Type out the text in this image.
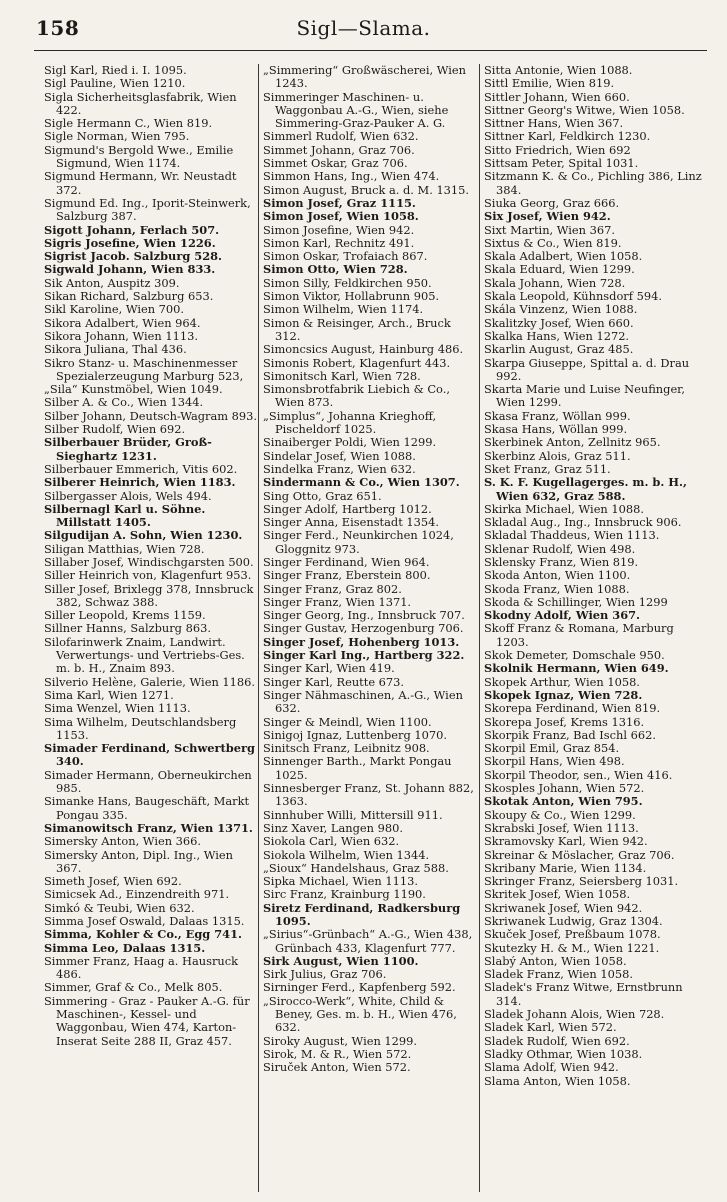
158	Sigl—Slama.

Sigl Karl, Ried i. I. 1095.

Sigl Pauline, Wien 1210.

Sigla Sicherheitsglasfabrik, Wien 422.

Sigle Hermann C., Wien 819.

Sigle Norman, Wien 795.

Sigmund's Bergold Wwe., Emilie Sigmund, Wien 1174.

Sigmund Hermann, Wr. Neustadt 372.

Sigmund Ed. Ing., Iporit-Steinwerk, Salzburg 387.

Sigott Johann, Ferlach 507.

Sigris Josefine, Wien 1226.

Sigrist Jacob. Salzburg 528.

Sigwald Johann, Wien 833.

Sik Anton, Auspitz 309.

Sikan Richard, Salzburg 653.

Sikl Karoline, Wien 700.

Sikora Adalbert, Wien 964.

Sikora Johann, Wien 1113.

Sikora Juliana, Thal 436.

Sikro Stanz- u. Maschinenmesser Spezialerzeugung Marburg 523,

„Sila“ Kunstmöbel, Wien 1049.

Silber A. & Co., Wien 1344.

Silber Johann, Deutsch-Wagram 893.

Silber Rudolf, Wien 692.

Silberbauer Brüder, Groß-Sieghartz 1231.

Silberbauer Emmerich, Vitis 602.

Silberer Heinrich, Wien 1183.

Silbergasser Alois, Wels 494.

Silbernagl Karl u. Söhne. Millstatt 1405.

Silgudijan A. Sohn, Wien 1230.

Siligan Matthias, Wien 728.

Sillaber Josef, Windischgarsten 500.

Siller Heinrich von, Klagenfurt 953.

Siller Josef, Brixlegg 378, Innsbruck 382, Schwaz 388.

Siller Leopold, Krems 1159.

Sillner Hanns, Salzburg 863.

Silofarinwerk Znaim, Landwirt. Verwertungs- und Vertriebs-Ges. m. b. H., Znaim 893.

Silverio Helène, Galerie, Wien 1186.

Sima Karl, Wien 1271.

Sima Wenzel, Wien 1113.

Sima Wilhelm, Deutschlandsberg 1153.

Simader Ferdinand, Schwertberg 340.

Simader Hermann, Oberneukirchen 985.

Simanke Hans, Baugeschäft, Markt Pongau 335.

Simanowitsch Franz, Wien 1371.

Simersky Anton, Wien 366.

Simersky Anton, Dipl. Ing., Wien 367.

Simeth Josef, Wien 692.

Simicsek Ad., Einzendreith 971.

Simkó & Teubi, Wien 632.

Simma Josef Oswald, Dalaas 1315.

Simma, Kohler & Co., Egg 741.

Simma Leo, Dalaas 1315.

Simmer Franz, Haag a. Hausruck 486.

Simmer, Graf & Co., Melk 805.

Simmering - Graz - Pauker A.-G. für Maschinen-, Kessel- und Waggonbau, Wien 474, Karton-Inserat Seite 288 II, Graz 457.

„Simmering“ Großwäscherei, Wien 1243.

Simmeringer Maschinen- u. Waggonbau A.-G., Wien, siehe Simmering-Graz-Pauker A. G.

Simmerl Rudolf, Wien 632.

Simmet Johann, Graz 706.

Simmet Oskar, Graz 706.

Simmon Hans, Ing., Wien 474.

Simon August, Bruck a. d. M. 1315.

Simon Josef, Graz 1115.

Simon Josef, Wien 1058.

Simon Josefine, Wien 942.

Simon Karl, Rechnitz 491.

Simon Oskar, Trofaiach 867.

Simon Otto, Wien 728.

Simon Silly, Feldkirchen 950.

Simon Viktor, Hollabrunn 905.

Simon Wilhelm, Wien 1174.

Simon & Reisinger, Arch., Bruck 312.

Simoncsics August, Hainburg 486.

Simonis Robert, Klagenfurt 443.

Simonitsch Karl, Wien 728.

Simonsbrotfabrik Liebich & Co., Wien 873.

„Simplus“, Johanna Krieghoff, Pischeldorf 1025.

Sinaiberger Poldi, Wien 1299.

Sindelar Josef, Wien 1088.

Sindelka Franz, Wien 632.

Sindermann & Co., Wien 1307.

Sing Otto, Graz 651.

Singer Adolf, Hartberg 1012.

Singer Anna, Eisenstadt 1354.

Singer Ferd., Neunkirchen 1024, Gloggnitz 973.

Singer Ferdinand, Wien 964.

Singer Franz, Eberstein 800.

Singer Franz, Graz 802.

Singer Franz, Wien 1371.

Singer Georg, Ing., Innsbruck 707.

Singer Gustav, Herzogenburg 706.

Singer Josef, Hohenberg 1013.

Singer Karl Ing., Hartberg 322.

Singer Karl, Wien 419.

Singer Karl, Reutte 673.

Singer Nähmaschinen, A.-G., Wien 632.

Singer & Meindl, Wien 1100.

Sinigoj Ignaz, Luttenberg 1070.

Sinitsch Franz, Leibnitz 908.

Sinnenger Barth., Markt Pongau 1025.

Sinnesberger Franz, St. Johann 882, 1363.

Sinnhuber Willi, Mittersill 911.

Sinz Xaver, Langen 980.

Siokola Carl, Wien 632.

Siokola Wilhelm, Wien 1344.

„Sioux“ Handelshaus, Graz 588.

Sipka Michael, Wien 1113.

Sirc Franz, Krainburg 1190.

Siretz Ferdinand, Radkersburg 1095.

„Sirius“-Grünbach“ A.-G., Wien 438, Grünbach 433, Klagenfurt 777.

Sirk August, Wien 1100.

Sirk Julius, Graz 706.

Sirninger Ferd., Kapfenberg 592.

„Sirocco-Werk“, White, Child & Beney, Ges. m. b. H., Wien 476, 632.

Siroky August, Wien 1299.

Sirok, M. & R., Wien 572.

Siruček Anton, Wien 572.

Sitta Antonie, Wien 1088.

Sittl Emilie, Wien 819.

Sittler Johann, Wien 660.

Sittner Georg's Witwe, Wien 1058.

Sittner Hans, Wien 367.

Sittner Karl, Feldkirch 1230.

Sitto Friedrich, Wien 692

Sittsam Peter, Spital 1031.

Sitzmann K. & Co., Pichling 386, Linz 384.

Siuka Georg, Graz 666.

Six Josef, Wien 942.

Sixt Martin, Wien 367.

Sixtus & Co., Wien 819.

Skala Adalbert, Wien 1058.

Skala Eduard, Wien 1299.

Skala Johann, Wien 728.

Skala Leopold, Kühnsdorf 594.

Skála Vinzenz, Wien 1088.

Skalitzky Josef, Wien 660.

Skalka Hans, Wien 1272.

Skarlin August, Graz 485.

Skarpa Giuseppe, Spittal a. d. Drau 992.

Skarta Marie und Luise Neufinger, Wien 1299.

Skasa Franz, Wöllan 999.

Skasa Hans, Wöllan 999.

Skerbinek Anton, Zellnitz 965.

Skerbinz Alois, Graz 511.

Sket Franz, Graz 511.

S. K. F. Kugellagerges. m. b. H., Wien 632, Graz 588.

Skirka Michael, Wien 1088.

Skladal Aug., Ing., Innsbruck 906.

Skladal Thaddeus, Wien 1113.

Sklenar Rudolf, Wien 498.

Sklensky Franz, Wien 819.

Skoda Anton, Wien 1100.

Skoda Franz, Wien 1088.

Skoda & Schillinger, Wien 1299

Skodny Adolf, Wien 367.

Skoff Franz & Romana, Marburg 1203.

Skok Demeter, Domschale 950.

Skolnik Hermann, Wien 649.

Skopek Arthur, Wien 1058.

Skopek Ignaz, Wien 728.

Skorepa Ferdinand, Wien 819.

Skorepa Josef, Krems 1316.

Skorpik Franz, Bad Ischl 662.

Skorpil Emil, Graz 854.

Skorpil Hans, Wien 498.

Skorpil Theodor, sen., Wien 416.

Skosples Johann, Wien 572.

Skotak Anton, Wien 795.

Skoupy & Co., Wien 1299.

Skrabski Josef, Wien 1113.

Skramovsky Karl, Wien 942.

Skreinar & Möslacher, Graz 706.

Skribany Marie, Wien 1134.

Skringer Franz, Seiersberg 1031.

Skritek Josef, Wien 1058.

Skriwanek Josef, Wien 942.

Skriwanek Ludwig, Graz 1304.

Skuček Josef, Preßbaum 1078.

Skutezky H. & M., Wien 1221.

Slabý Anton, Wien 1058.

Sladek Franz, Wien 1058.

Sladek's Franz Witwe, Ernstbrunn 314.

Sladek Johann Alois, Wien 728.

Sladek Karl, Wien 572.

Sladek Rudolf, Wien 692.

Sladky Othmar, Wien 1038.

Slama Adolf, Wien 942.

Slama Anton, Wien 1058.
